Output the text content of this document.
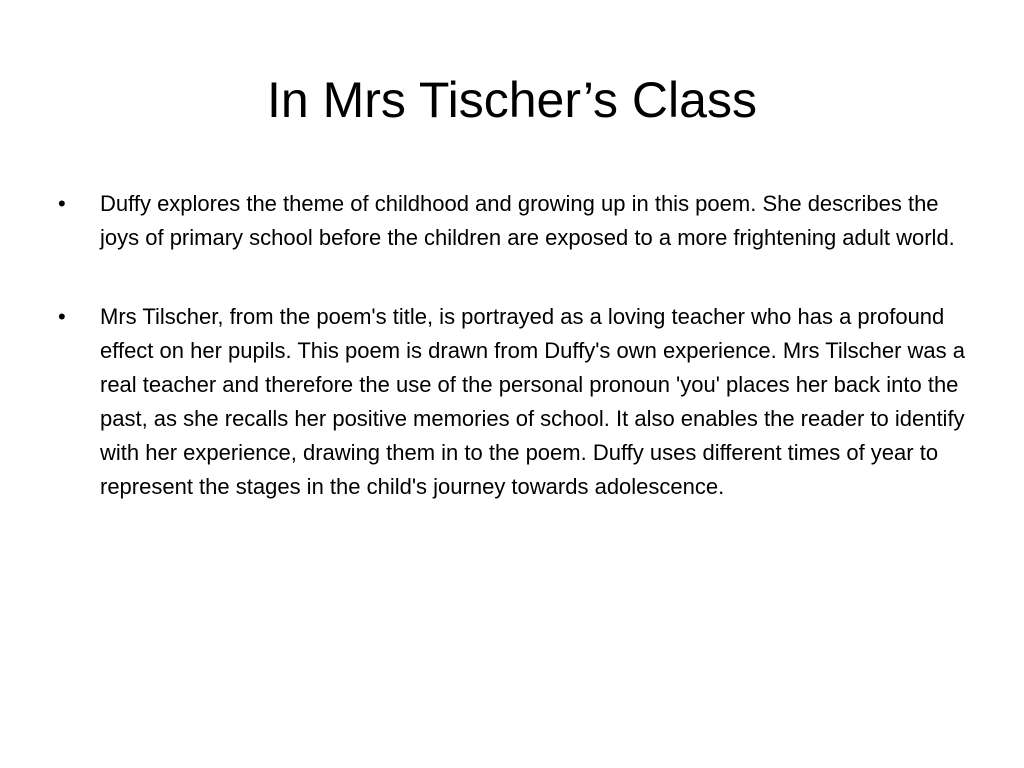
In Mrs Tischer’s Class
•	Duffy explores the theme of childhood and growing up in this poem. She describes the joys of primary school before the children are exposed to a more frightening adult world.
•	Mrs Tilscher, from the poem's title, is portrayed as a loving teacher who has a profound effect on her pupils. This poem is drawn from Duffy's own experience. Mrs Tilscher was a real teacher and therefore the use of the personal pronoun 'you' places her back into the past, as she recalls her positive memories of school. It also enables the reader to identify with her experience, drawing them in to the poem. Duffy uses different times of year to represent the stages in the child's journey towards adolescence.
